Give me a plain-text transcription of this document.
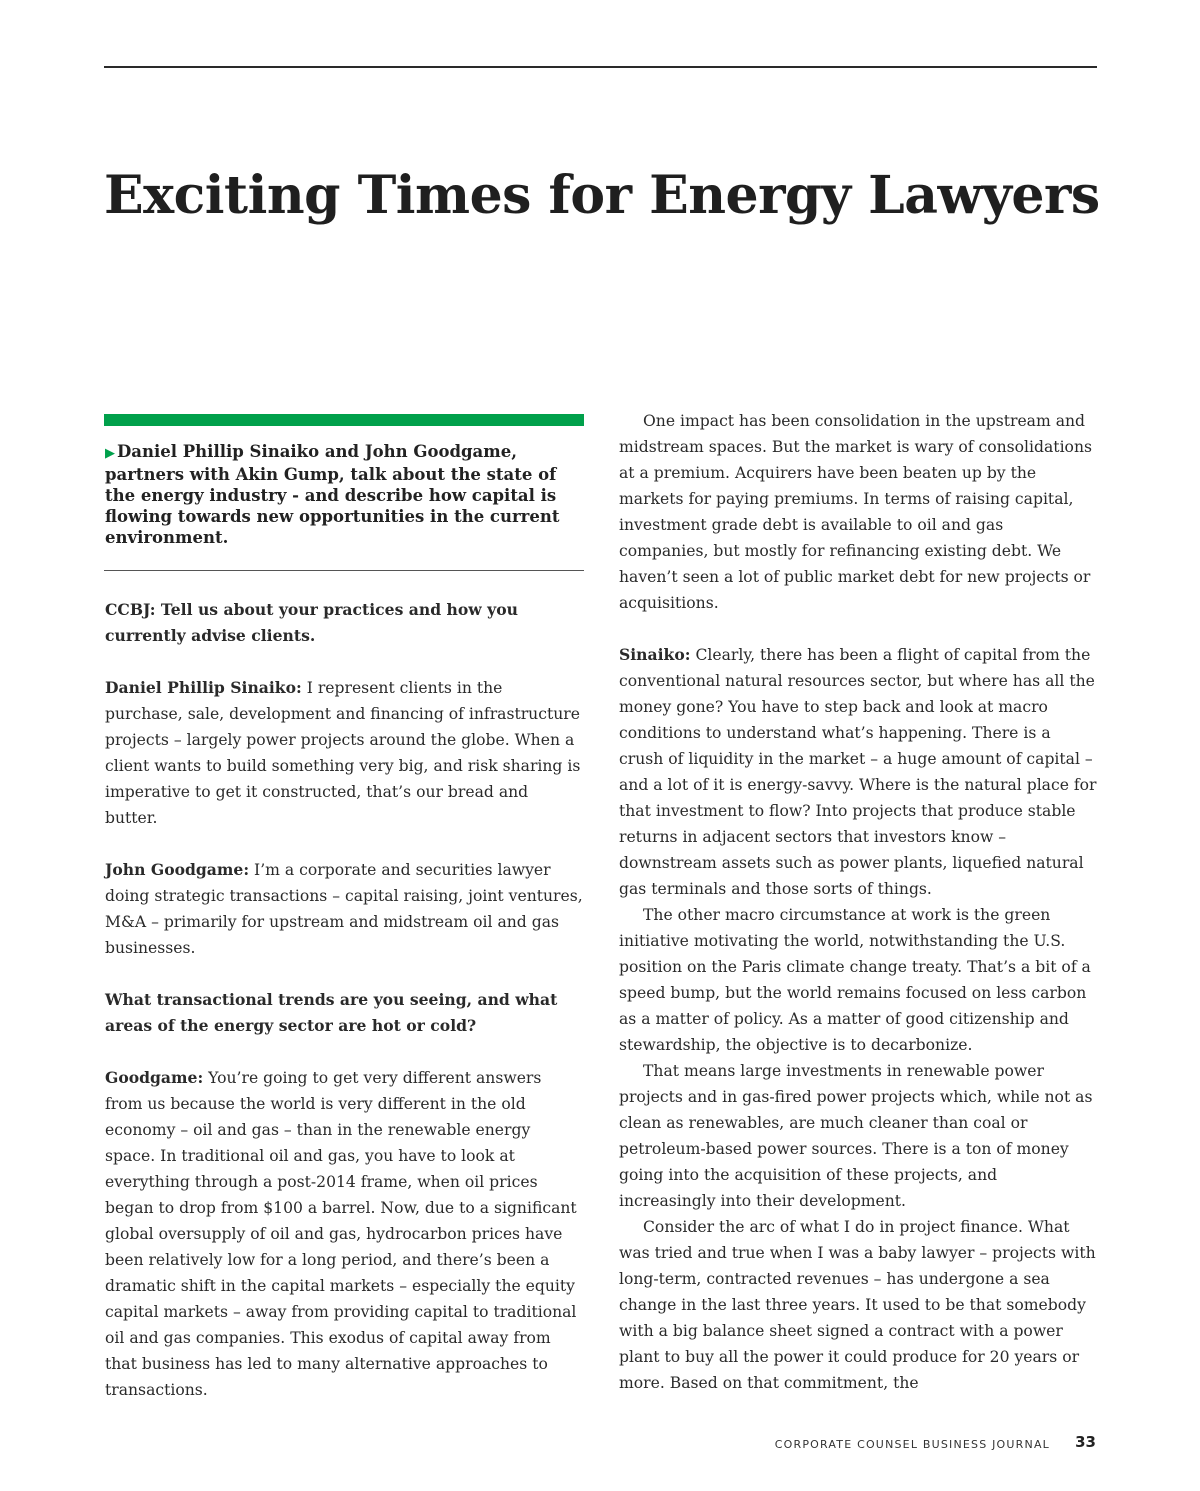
Exciting Times for Energy Lawyers

▶ Daniel Phillip Sinaiko and John Goodgame, partners with Akin Gump, talk about the state of the energy industry - and describe how capital is flowing towards new opportunities in the current environment.

CCBJ: Tell us about your practices and how you currently advise clients.

Daniel Phillip Sinaiko: I represent clients in the purchase, sale, development and financing of infrastructure projects – largely power projects around the globe. When a client wants to build something very big, and risk sharing is imperative to get it constructed, that’s our bread and butter.

John Goodgame: I’m a corporate and securities lawyer doing strategic transactions – capital raising, joint ventures, M&A – primarily for upstream and midstream oil and gas businesses.

What transactional trends are you seeing, and what areas of the energy sector are hot or cold?

Goodgame: You’re going to get very different answers from us because the world is very different in the old economy – oil and gas – than in the renewable energy space. In traditional oil and gas, you have to look at everything through a post-2014 frame, when oil prices began to drop from $100 a barrel. Now, due to a significant global oversupply of oil and gas, hydrocarbon prices have been relatively low for a long period, and there’s been a dramatic shift in the capital markets – especially the equity capital markets – away from providing capital to traditional oil and gas companies. This exodus of capital away from that business has led to many alternative approaches to transactions.

One impact has been consolidation in the upstream and midstream spaces. But the market is wary of consolidations at a premium. Acquirers have been beaten up by the markets for paying premiums. In terms of raising capital, investment grade debt is available to oil and gas companies, but mostly for refinancing existing debt. We haven’t seen a lot of public market debt for new projects or acquisitions.

Sinaiko: Clearly, there has been a flight of capital from the conventional natural resources sector, but where has all the money gone? You have to step back and look at macro conditions to understand what’s happening. There is a crush of liquidity in the market – a huge amount of capital – and a lot of it is energy-savvy. Where is the natural place for that investment to flow? Into projects that produce stable returns in adjacent sectors that investors know – downstream assets such as power plants, liquefied natural gas terminals and those sorts of things.

The other macro circumstance at work is the green initiative motivating the world, notwithstanding the U.S. position on the Paris climate change treaty. That’s a bit of a speed bump, but the world remains focused on less carbon as a matter of policy. As a matter of good citizenship and stewardship, the objective is to decarbonize.

That means large investments in renewable power projects and in gas-fired power projects which, while not as clean as renewables, are much cleaner than coal or petroleum-based power sources. There is a ton of money going into the acquisition of these projects, and increasingly into their development.

Consider the arc of what I do in project finance. What was tried and true when I was a baby lawyer – projects with long-term, contracted revenues – has undergone a sea change in the last three years. It used to be that somebody with a big balance sheet signed a contract with a power plant to buy all the power it could produce for 20 years or more. Based on that commitment, the

CORPORATE COUNSEL BUSINESS JOURNAL 33
